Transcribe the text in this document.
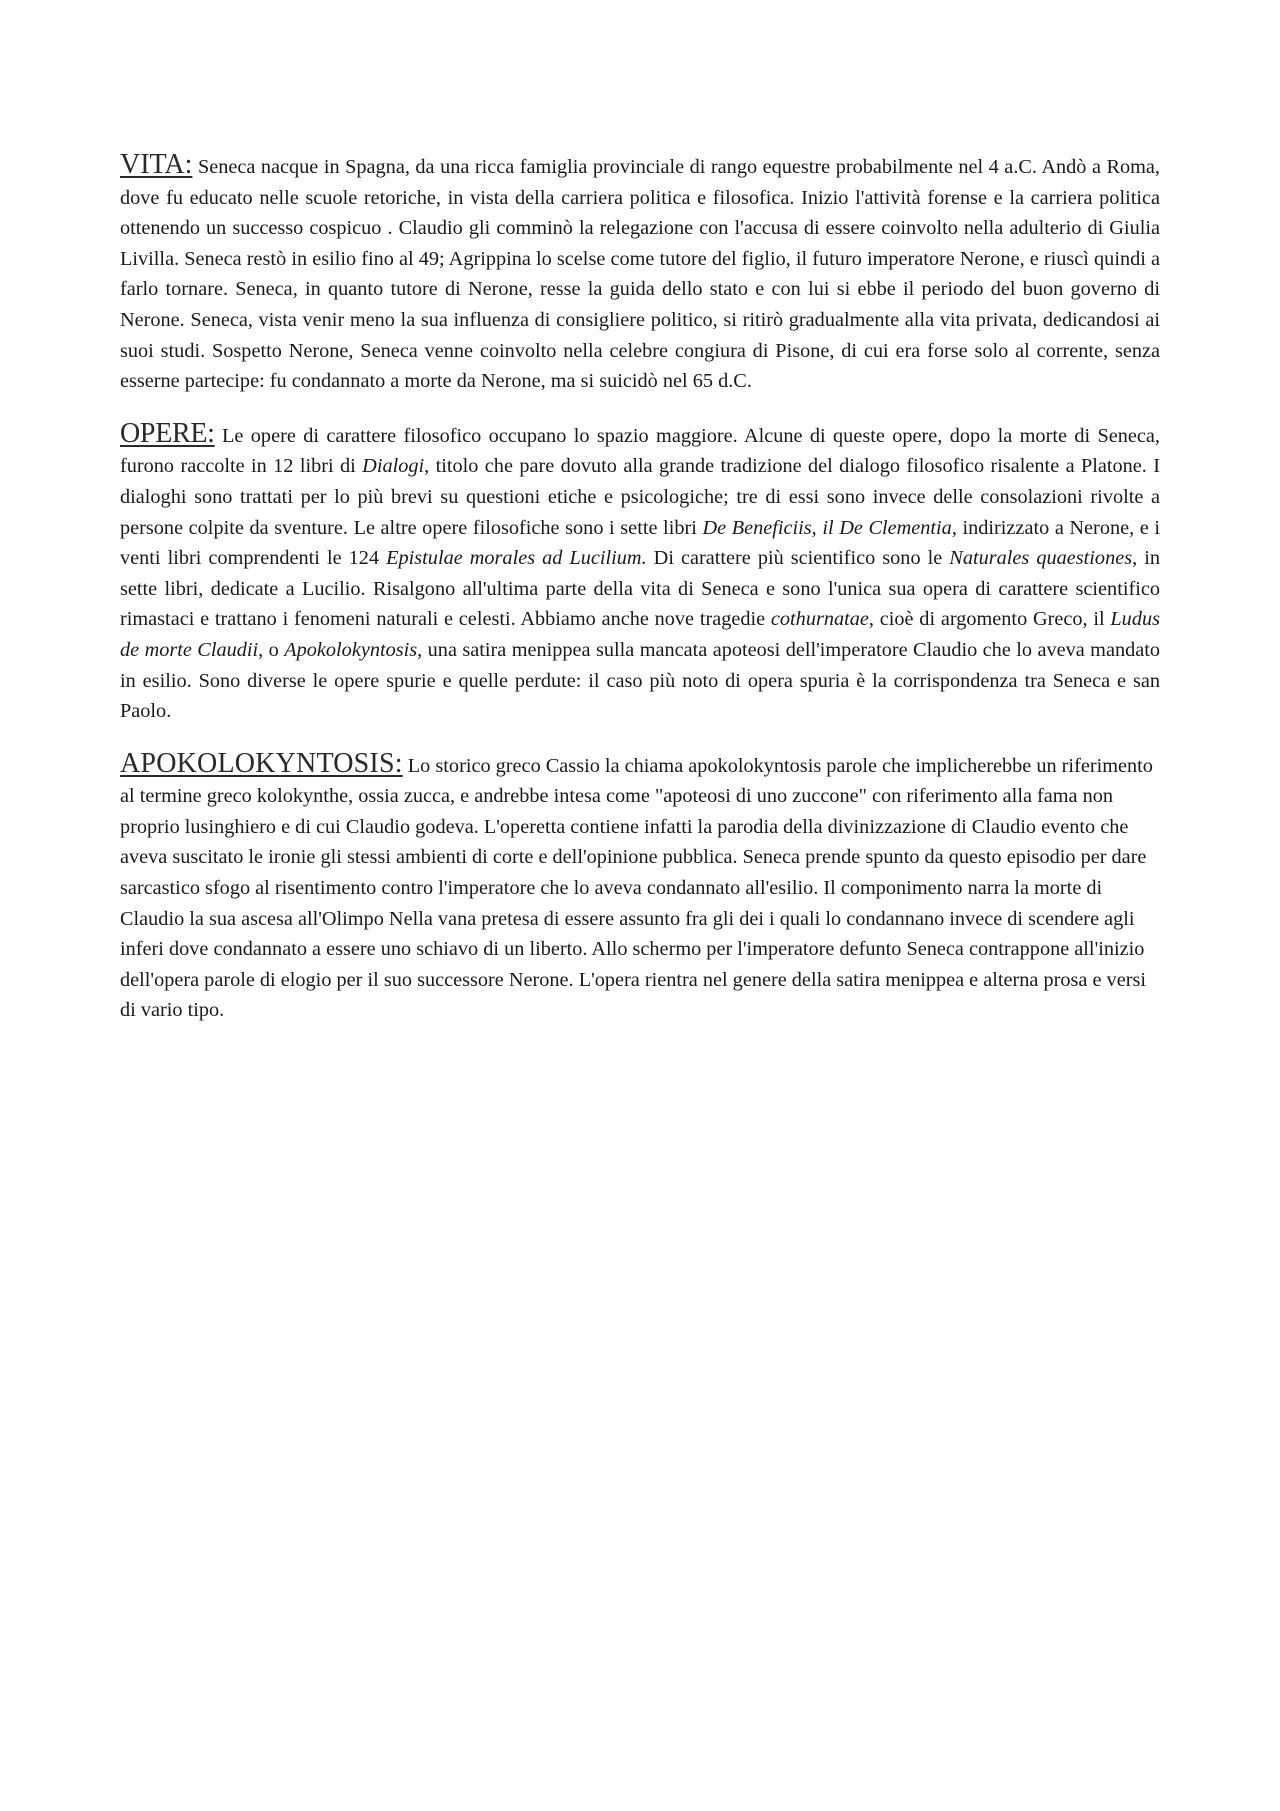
VITA: Seneca nacque in Spagna, da una ricca famiglia provinciale di rango equestre probabilmente nel 4 a.C. Andò a Roma, dove fu educato nelle scuole retoriche, in vista della carriera politica e filosofica. Inizio l'attività forense e la carriera politica ottenendo un successo cospicuo . Claudio gli comminò la relegazione con l'accusa di essere coinvolto nella adulterio di Giulia Livilla. Seneca restò in esilio fino al 49; Agrippina lo scelse come tutore del figlio, il futuro imperatore Nerone, e riuscì quindi a farlo tornare. Seneca, in quanto tutore di Nerone, resse la guida dello stato e con lui si ebbe il periodo del buon governo di Nerone. Seneca, vista venir meno la sua influenza di consigliere politico, si ritirò gradualmente alla vita privata, dedicandosi ai suoi studi. Sospetto Nerone, Seneca venne coinvolto nella celebre congiura di Pisone, di cui era forse solo al corrente, senza esserne partecipe: fu condannato a morte da Nerone, ma si suicidò nel 65 d.C.

OPERE: Le opere di carattere filosofico occupano lo spazio maggiore. Alcune di queste opere, dopo la morte di Seneca, furono raccolte in 12 libri di Dialogi, titolo che pare dovuto alla grande tradizione del dialogo filosofico risalente a Platone. I dialoghi sono trattati per lo più brevi su questioni etiche e psicologiche; tre di essi sono invece delle consolazioni rivolte a persone colpite da sventure. Le altre opere filosofiche sono i sette libri De Beneficiis, il De Clementia, indirizzato a Nerone, e i venti libri comprendenti le 124 Epistulae morales ad Lucilium. Di carattere più scientifico sono le Naturales quaestiones, in sette libri, dedicate a Lucilio. Risalgono all'ultima parte della vita di Seneca e sono l'unica sua opera di carattere scientifico rimastaci e trattano i fenomeni naturali e celesti. Abbiamo anche nove tragedie cothurnatae, cioè di argomento Greco, il Ludus de morte Claudii, o Apokolokyntosis, una satira menippea sulla mancata apoteosi dell'imperatore Claudio che lo aveva mandato in esilio. Sono diverse le opere spurie e quelle perdute: il caso più noto di opera spuria è la corrispondenza tra Seneca e san Paolo.

APOKOLOKYNTOSIS: Lo storico greco Cassio la chiama apokolokyntosis parole che implicherebbe un riferimento al termine greco kolokynthe, ossia zucca, e andrebbe intesa come "apoteosi di uno zuccone" con riferimento alla fama non proprio lusinghiero e di cui Claudio godeva. L'operetta contiene infatti la parodia della divinizzazione di Claudio evento che aveva suscitato le ironie gli stessi ambienti di corte e dell'opinione pubblica. Seneca prende spunto da questo episodio per dare sarcastico sfogo al risentimento contro l'imperatore che lo aveva condannato all'esilio. Il componimento narra la morte di Claudio la sua ascesa all'Olimpo Nella vana pretesa di essere assunto fra gli dei i quali lo condannano invece di scendere agli inferi dove condannato a essere uno schiavo di un liberto. Allo schermo per l'imperatore defunto Seneca contrappone all'inizio dell'opera parole di elogio per il suo successore Nerone. L'opera rientra nel genere della satira menippea e alterna prosa e versi di vario tipo.
